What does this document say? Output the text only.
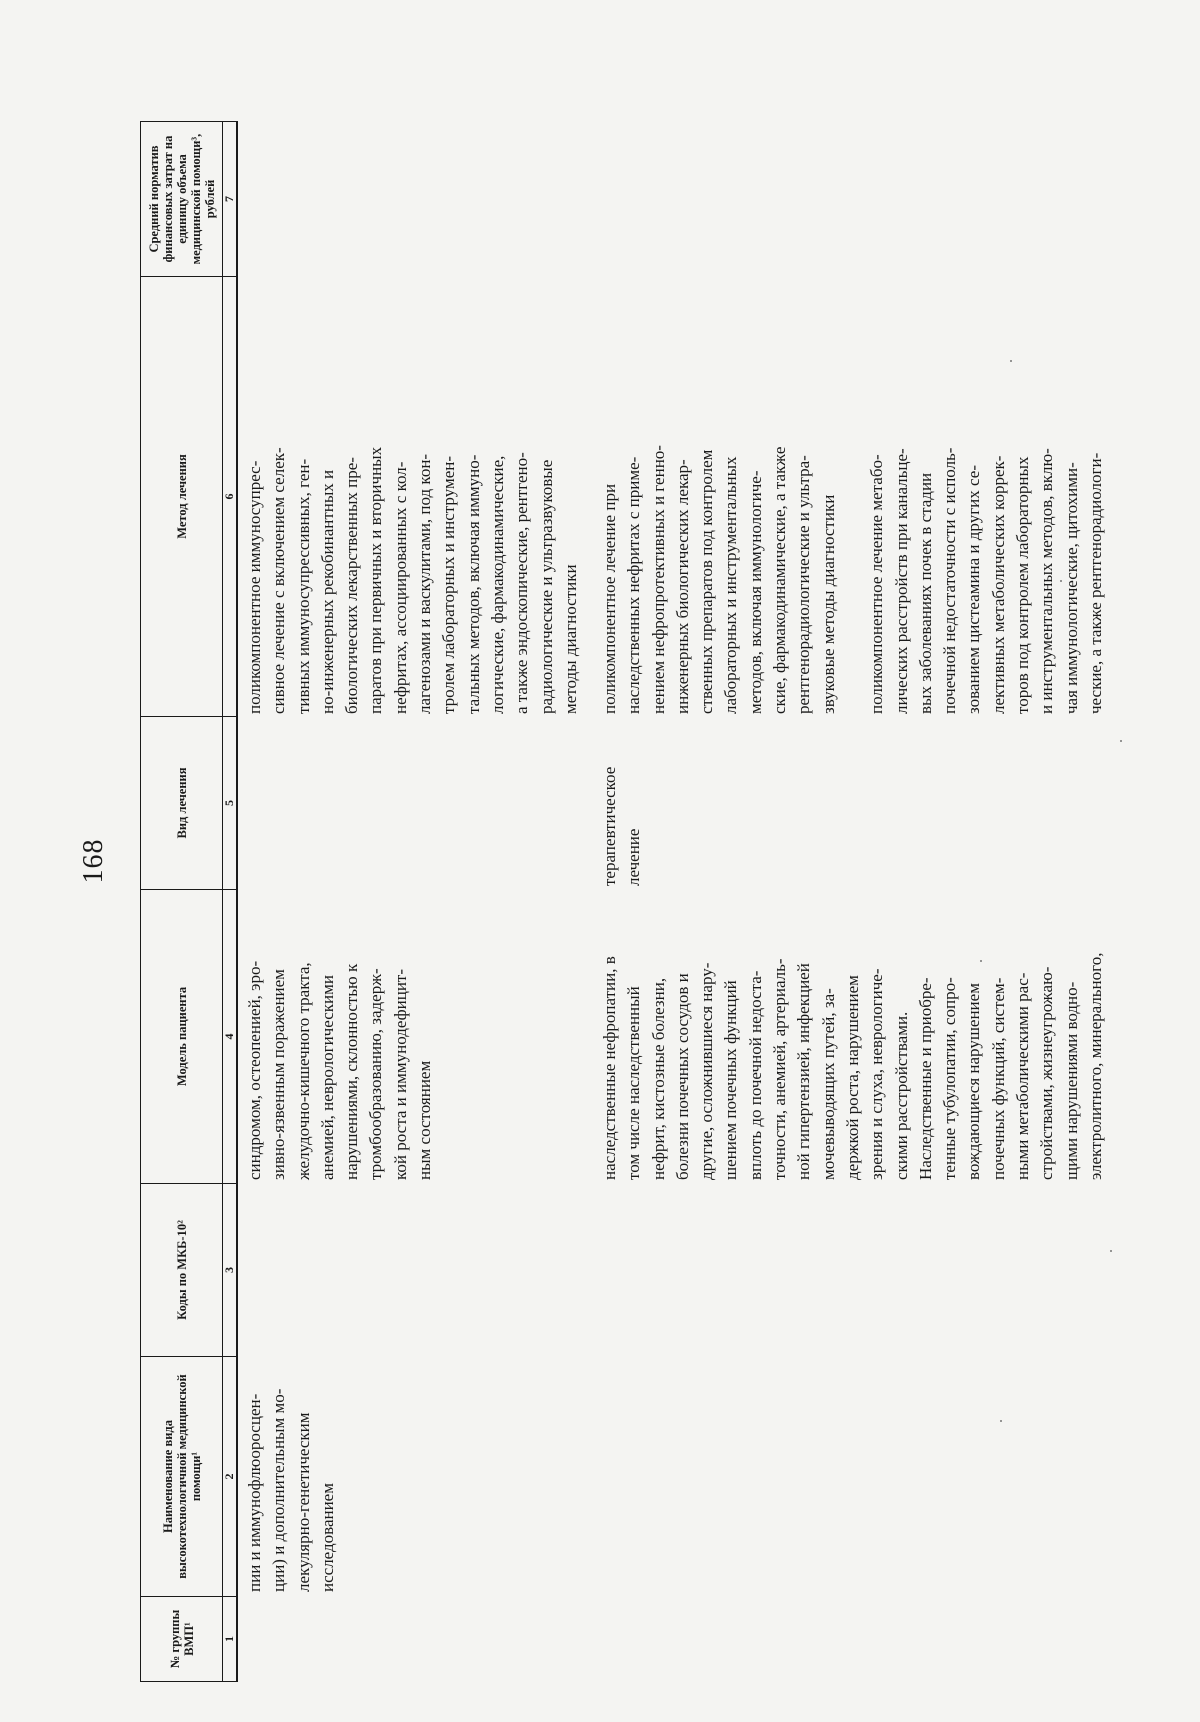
168
№ группы ВМП¹
Наименование вида высокотехнологичной медицинской помощи¹
Коды по МКБ-10²
Модель пациента
Вид лечения
Метод лечения
Средний норматив финансовых затрат на единицу объема медицинской помощи³, рублей
1
2
3
4
5
6
7
пии и иммунофлюоросцен-
ции) и дополнительным мо-
лекулярно-генетическим
исследованием
синдромом, остеопенией, эро-
зивно-язвенным поражением
желудочно-кишечного тракта,
анемией, неврологическими
нарушениями, склонностью к
тромбообразованию, задерж-
кой роста и иммунодефицит-
ным состоянием
поликомпонентное иммуносупрес-
сивное лечение с включением селек-
тивных иммуносупрессивных, ген-
но-инженерных рекобинантных и
биологических лекарственных пре-
паратов при первичных и вторичных
нефритах, ассоциированных с кол-
лагенозами и васкулитами, под кон-
тролем лабораторных и инструмен-
тальных методов, включая иммуно-
логические, фармакодинамические,
а также эндоскопические, рентгено-
радиологические и ультразвуковые
методы диагностики
наследственные нефропатии, в
том числе наследственный
нефрит, кистозные болезни,
болезни почечных сосудов и
другие, осложнившиеся нару-
шением почечных функций
вплоть до почечной недоста-
точности, анемией, артериаль-
ной гипертензией, инфекцией
мочевыводящих путей, за-
держкой роста, нарушением
зрения и слуха, неврологиче-
скими расстройствами.
Наследственные и приобре-
тенные тубулопатии, сопро-
вождающиеся нарушением
почечных функций, систем-
ными метаболическими рас-
стройствами, жизнеугрожаю-
щими нарушениями водно-
электролитного, минерального,
терапевтическое
лечение
поликомпонентное лечение при
наследственных нефритах с приме-
нением нефропротективных и генно-
инженерных биологических лекар-
ственных препаратов под контролем
лабораторных и инструментальных
методов, включая иммунологиче-
ские, фармакодинамические, а также
рентгенорадиологические и ультра-
звуковые методы диагностики

поликомпонентное лечение метабо-
лических расстройств при канальце-
вых заболеваниях почек в стадии
почечной недостаточности с исполь-
зованием цистеамина и других се-
лективных метаболических коррек-
торов под контролем лабораторных
и инструментальных методов, вклю-
чая иммунологические, цитохими-
ческие, а также рентгенорадиологи-
